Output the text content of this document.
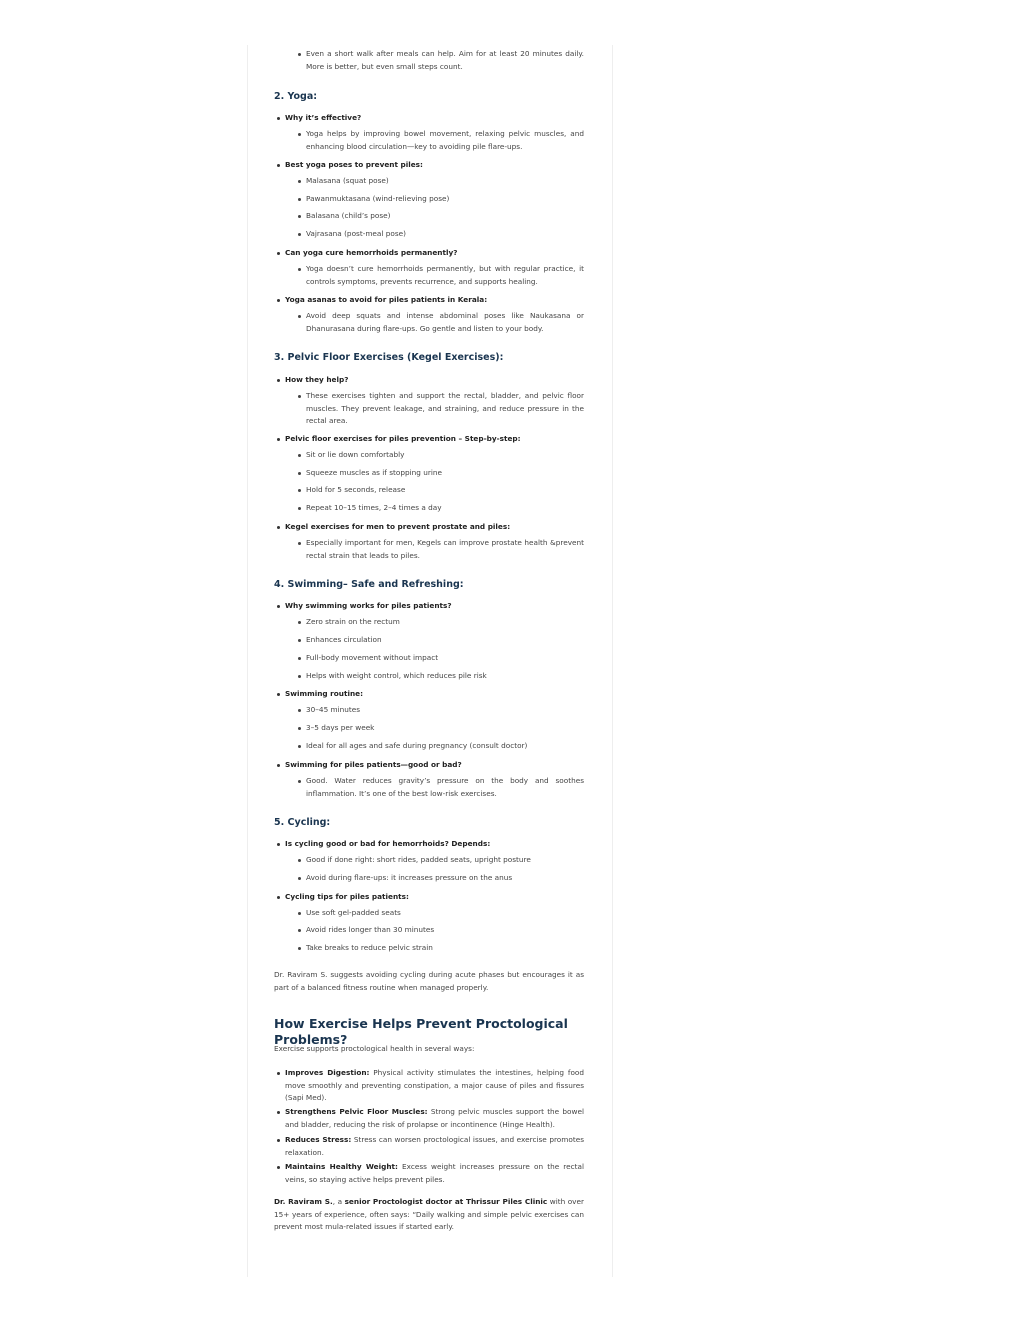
Even a short walk after meals can help. Aim for at least 20 minutes daily. More is better, but even small steps count.

2. Yoga:

Why it’s effective?
Yoga helps by improving bowel movement, relaxing pelvic muscles, and enhancing blood circulation—key to avoiding pile flare-ups.
Best yoga poses to prevent piles:
Malasana (squat pose)
Pawanmuktasana (wind-relieving pose)
Balasana (child’s pose)
Vajrasana (post-meal pose)
Can yoga cure hemorrhoids permanently?
Yoga doesn’t cure hemorrhoids permanently, but with regular practice, it controls symptoms, prevents recurrence, and supports healing.
Yoga asanas to avoid for piles patients in Kerala:
Avoid deep squats and intense abdominal poses like Naukasana or Dhanurasana during flare-ups. Go gentle and listen to your body.

3. Pelvic Floor Exercises (Kegel Exercises):

How they help?
These exercises tighten and support the rectal, bladder, and pelvic floor muscles. They prevent leakage, and straining, and reduce pressure in the rectal area.
Pelvic floor exercises for piles prevention – Step-by-step:
Sit or lie down comfortably
Squeeze muscles as if stopping urine
Hold for 5 seconds, release
Repeat 10–15 times, 2–4 times a day
Kegel exercises for men to prevent prostate and piles:
Especially important for men, Kegels can improve prostate health &prevent rectal strain that leads to piles.

4. Swimming– Safe and Refreshing:

Why swimming works for piles patients?
Zero strain on the rectum
Enhances circulation
Full-body movement without impact
Helps with weight control, which reduces pile risk
Swimming routine:
30–45 minutes
3–5 days per week
Ideal for all ages and safe during pregnancy (consult doctor)
Swimming for piles patients—good or bad?
Good. Water reduces gravity’s pressure on the body and soothes inflammation. It’s one of the best low-risk exercises.

5. Cycling:

Is cycling good or bad for hemorrhoids? Depends:
Good if done right: short rides, padded seats, upright posture
Avoid during flare-ups: it increases pressure on the anus
Cycling tips for piles patients:
Use soft gel-padded seats
Avoid rides longer than 30 minutes
Take breaks to reduce pelvic strain
Dr. Raviram S. suggests avoiding cycling during acute phases but encourages it as part of a balanced fitness routine when managed properly.

How Exercise Helps Prevent Proctological Problems?

Exercise supports proctological health in several ways:
Improves Digestion: Physical activity stimulates the intestines, helping food move smoothly and preventing constipation, a major cause of piles and fissures (Sapi Med).
Strengthens Pelvic Floor Muscles: Strong pelvic muscles support the bowel and bladder, reducing the risk of prolapse or incontinence (Hinge Health).
Reduces Stress: Stress can worsen proctological issues, and exercise promotes relaxation.
Maintains Healthy Weight: Excess weight increases pressure on the rectal veins, so staying active helps prevent piles.
Dr. Raviram S., a senior Proctologist doctor at Thrissur Piles Clinic with over 15+ years of experience, often says: “Daily walking and simple pelvic exercises can prevent most mula-related issues if started early.
